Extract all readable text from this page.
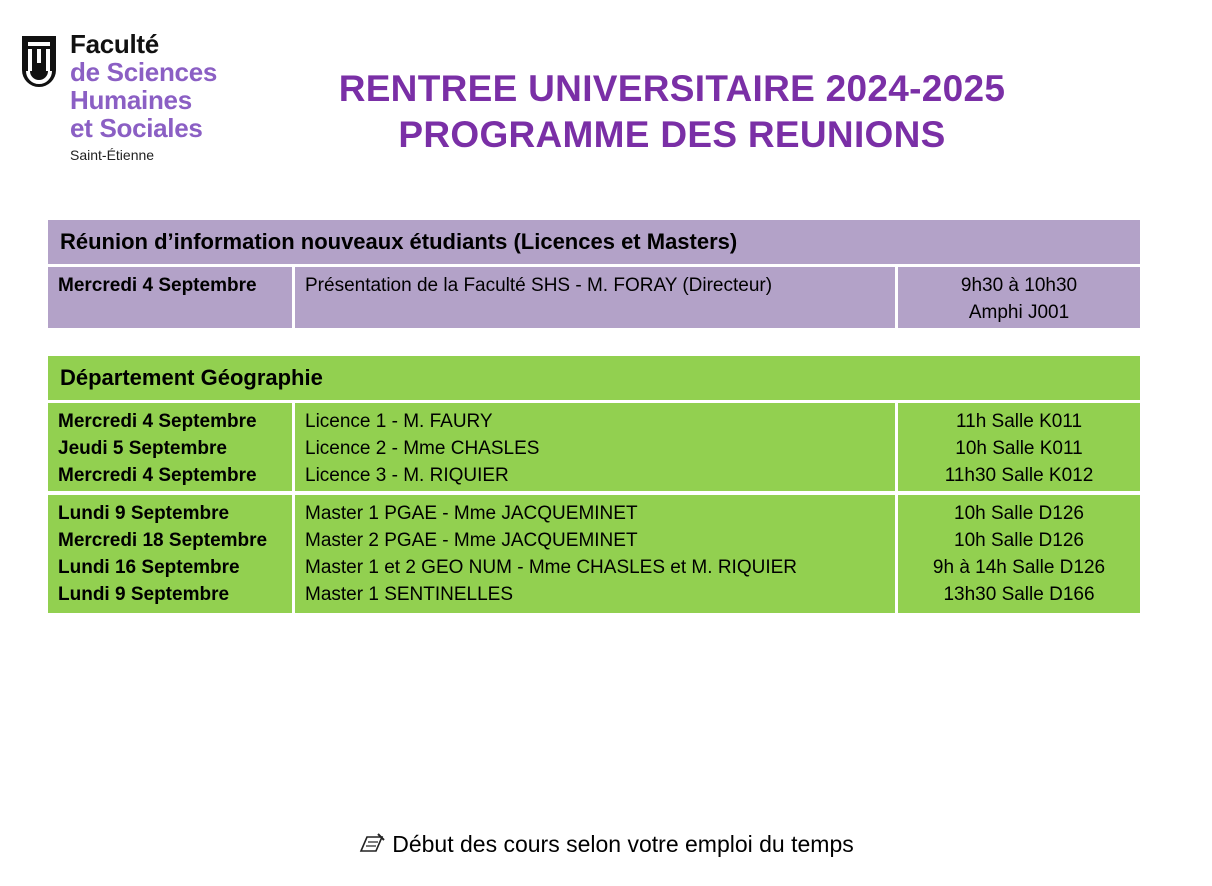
Faculté
de Sciences
Humaines
et Sociales
Saint-Étienne
RENTREE UNIVERSITAIRE 2024-2025
PROGRAMME DES REUNIONS
Réunion d’information nouveaux étudiants (Licences et Masters)
Mercredi 4 Septembre	Présentation de la Faculté SHS - M. FORAY (Directeur)	9h30 à 10h30
Amphi J001
Département Géographie
Mercredi 4 Septembre
Jeudi 5 Septembre
Mercredi 4 Septembre
Licence 1 - M. FAURY
Licence 2 - Mme CHASLES
Licence 3 - M. RIQUIER
11h Salle K011
10h Salle K011
11h30 Salle K012
Lundi 9 Septembre
Mercredi 18 Septembre
Lundi 16 Septembre
Lundi 9 Septembre
Master 1 PGAE - Mme JACQUEMINET
Master 2 PGAE - Mme JACQUEMINET
Master 1 et 2 GEO NUM - Mme CHASLES et M. RIQUIER
Master 1 SENTINELLES
10h Salle D126
10h Salle D126
9h à 14h Salle D126
13h30 Salle D166
Début des cours selon votre emploi du temps
